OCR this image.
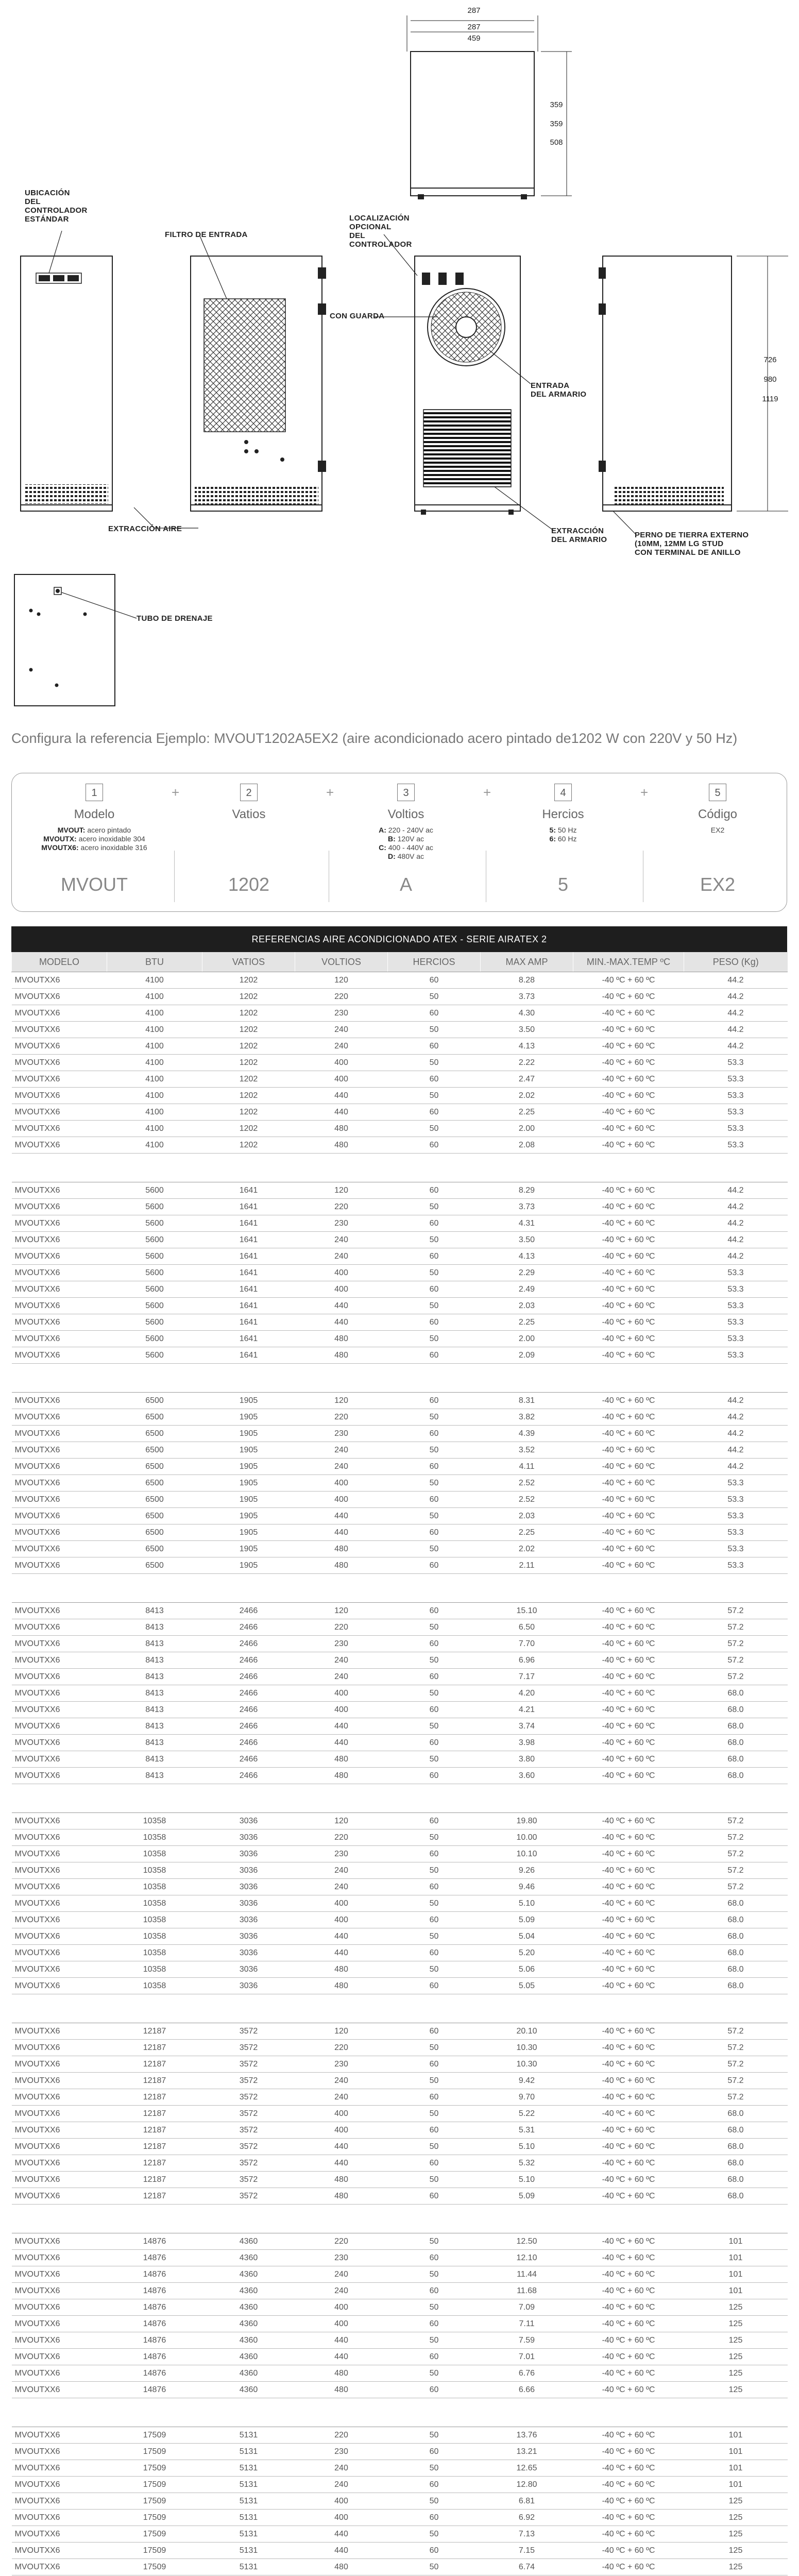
UBICACIÓN
DEL
CONTROLADOR
ESTÁNDAR
FILTRO DE ENTRADA
LOCALIZACIÓN
OPCIONAL
DEL
CONTROLADOR
CON GUARDA
ENTRADA
DEL ARMARIO
EXTRACCIÓN AIRE	EXTRACCIÓN
DEL ARMARIO
PERNO DE TIERRA EXTERNO
(10MM, 12MM LG STUD
CON TERMINAL DE ANILLO
TUBO DE DRENAJE
287
287
459
359
359
508
726
980
1119
Configura la referencia Ejemplo: MVOUT1202A5EX2 (aire acondicionado acero pintado de1202 W con 220V y 50 Hz)
1
Modelo
MVOUT: acero pintado
MVOUTX: acero inoxidable 304
MVOUTX6: acero inoxidable 316
MVOUT
+	2
Vatios
1202
+	3
Voltios
A: 220 - 240V ac
B: 120V ac
C: 400 - 440V ac
D: 480V ac
A
+	4
Hercios
5: 50 Hz
6: 60 Hz
5
+	5
Código
EX2
EX2
REFERENCIAS AIRE ACONDICIONADO ATEX - SERIE AIRATEX 2
MODELO	BTU	VATIOS	VOLTIOS	HERCIOS	MAX AMP	MIN.-MAX.TEMP ºC	PESO (Kg)
MVOUTXX6	4100	1202	120	60	8.28	-40 ºC + 60 ºC	44.2
MVOUTXX6	4100	1202	220	50	3.73	-40 ºC + 60 ºC	44.2
MVOUTXX6	4100	1202	230	60	4.30	-40 ºC + 60 ºC	44.2
MVOUTXX6	4100	1202	240	50	3.50	-40 ºC + 60 ºC	44.2
MVOUTXX6	4100	1202	240	60	4.13	-40 ºC + 60 ºC	44.2
MVOUTXX6	4100	1202	400	50	2.22	-40 ºC + 60 ºC	53.3
MVOUTXX6	4100	1202	400	60	2.47	-40 ºC + 60 ºC	53.3
MVOUTXX6	4100	1202	440	50	2.02	-40 ºC + 60 ºC	53.3
MVOUTXX6	4100	1202	440	60	2.25	-40 ºC + 60 ºC	53.3
MVOUTXX6	4100	1202	480	50	2.00	-40 ºC + 60 ºC	53.3
MVOUTXX6	4100	1202	480	60	2.08	-40 ºC + 60 ºC	53.3

MVOUTXX6	5600	1641	120	60	8.29	-40 ºC + 60 ºC	44.2
MVOUTXX6	5600	1641	220	50	3.73	-40 ºC + 60 ºC	44.2
MVOUTXX6	5600	1641	230	60	4.31	-40 ºC + 60 ºC	44.2
MVOUTXX6	5600	1641	240	50	3.50	-40 ºC + 60 ºC	44.2
MVOUTXX6	5600	1641	240	60	4.13	-40 ºC + 60 ºC	44.2
MVOUTXX6	5600	1641	400	50	2.29	-40 ºC + 60 ºC	53.3
MVOUTXX6	5600	1641	400	60	2.49	-40 ºC + 60 ºC	53.3
MVOUTXX6	5600	1641	440	50	2.03	-40 ºC + 60 ºC	53.3
MVOUTXX6	5600	1641	440	60	2.25	-40 ºC + 60 ºC	53.3
MVOUTXX6	5600	1641	480	50	2.00	-40 ºC + 60 ºC	53.3
MVOUTXX6	5600	1641	480	60	2.09	-40 ºC + 60 ºC	53.3

MVOUTXX6	6500	1905	120	60	8.31	-40 ºC + 60 ºC	44.2
MVOUTXX6	6500	1905	220	50	3.82	-40 ºC + 60 ºC	44.2
MVOUTXX6	6500	1905	230	60	4.39	-40 ºC + 60 ºC	44.2
MVOUTXX6	6500	1905	240	50	3.52	-40 ºC + 60 ºC	44.2
MVOUTXX6	6500	1905	240	60	4.11	-40 ºC + 60 ºC	44.2
MVOUTXX6	6500	1905	400	50	2.52	-40 ºC + 60 ºC	53.3
MVOUTXX6	6500	1905	400	60	2.52	-40 ºC + 60 ºC	53.3
MVOUTXX6	6500	1905	440	50	2.03	-40 ºC + 60 ºC	53.3
MVOUTXX6	6500	1905	440	60	2.25	-40 ºC + 60 ºC	53.3
MVOUTXX6	6500	1905	480	50	2.02	-40 ºC + 60 ºC	53.3
MVOUTXX6	6500	1905	480	60	2.11	-40 ºC + 60 ºC	53.3

MVOUTXX6	8413	2466	120	60	15.10	-40 ºC + 60 ºC	57.2
MVOUTXX6	8413	2466	220	50	6.50	-40 ºC + 60 ºC	57.2
MVOUTXX6	8413	2466	230	60	7.70	-40 ºC + 60 ºC	57.2
MVOUTXX6	8413	2466	240	50	6.96	-40 ºC + 60 ºC	57.2
MVOUTXX6	8413	2466	240	60	7.17	-40 ºC + 60 ºC	57.2
MVOUTXX6	8413	2466	400	50	4.20	-40 ºC + 60 ºC	68.0
MVOUTXX6	8413	2466	400	60	4.21	-40 ºC + 60 ºC	68.0
MVOUTXX6	8413	2466	440	50	3.74	-40 ºC + 60 ºC	68.0
MVOUTXX6	8413	2466	440	60	3.98	-40 ºC + 60 ºC	68.0
MVOUTXX6	8413	2466	480	50	3.80	-40 ºC + 60 ºC	68.0
MVOUTXX6	8413	2466	480	60	3.60	-40 ºC + 60 ºC	68.0

MVOUTXX6	10358	3036	120	60	19.80	-40 ºC + 60 ºC	57.2
MVOUTXX6	10358	3036	220	50	10.00	-40 ºC + 60 ºC	57.2
MVOUTXX6	10358	3036	230	60	10.10	-40 ºC + 60 ºC	57.2
MVOUTXX6	10358	3036	240	50	9.26	-40 ºC + 60 ºC	57.2
MVOUTXX6	10358	3036	240	60	9.46	-40 ºC + 60 ºC	57.2
MVOUTXX6	10358	3036	400	50	5.10	-40 ºC + 60 ºC	68.0
MVOUTXX6	10358	3036	400	60	5.09	-40 ºC + 60 ºC	68.0
MVOUTXX6	10358	3036	440	50	5.04	-40 ºC + 60 ºC	68.0
MVOUTXX6	10358	3036	440	60	5.20	-40 ºC + 60 ºC	68.0
MVOUTXX6	10358	3036	480	50	5.06	-40 ºC + 60 ºC	68.0
MVOUTXX6	10358	3036	480	60	5.05	-40 ºC + 60 ºC	68.0

MVOUTXX6	12187	3572	120	60	20.10	-40 ºC + 60 ºC	57.2
MVOUTXX6	12187	3572	220	50	10.30	-40 ºC + 60 ºC	57.2
MVOUTXX6	12187	3572	230	60	10.30	-40 ºC + 60 ºC	57.2
MVOUTXX6	12187	3572	240	50	9.42	-40 ºC + 60 ºC	57.2
MVOUTXX6	12187	3572	240	60	9.70	-40 ºC + 60 ºC	57.2
MVOUTXX6	12187	3572	400	50	5.22	-40 ºC + 60 ºC	68.0
MVOUTXX6	12187	3572	400	60	5.31	-40 ºC + 60 ºC	68.0
MVOUTXX6	12187	3572	440	50	5.10	-40 ºC + 60 ºC	68.0
MVOUTXX6	12187	3572	440	60	5.32	-40 ºC + 60 ºC	68.0
MVOUTXX6	12187	3572	480	50	5.10	-40 ºC + 60 ºC	68.0
MVOUTXX6	12187	3572	480	60	5.09	-40 ºC + 60 ºC	68.0

MVOUTXX6	14876	4360	220	50	12.50	-40 ºC + 60 ºC	101
MVOUTXX6	14876	4360	230	60	12.10	-40 ºC + 60 ºC	101
MVOUTXX6	14876	4360	240	50	11.44	-40 ºC + 60 ºC	101
MVOUTXX6	14876	4360	240	60	11.68	-40 ºC + 60 ºC	101
MVOUTXX6	14876	4360	400	50	7.09	-40 ºC + 60 ºC	125
MVOUTXX6	14876	4360	400	60	7.11	-40 ºC + 60 ºC	125
MVOUTXX6	14876	4360	440	50	7.59	-40 ºC + 60 ºC	125
MVOUTXX6	14876	4360	440	60	7.01	-40 ºC + 60 ºC	125
MVOUTXX6	14876	4360	480	50	6.76	-40 ºC + 60 ºC	125
MVOUTXX6	14876	4360	480	60	6.66	-40 ºC + 60 ºC	125

MVOUTXX6	17509	5131	220	50	13.76	-40 ºC + 60 ºC	101
MVOUTXX6	17509	5131	230	60	13.21	-40 ºC + 60 ºC	101
MVOUTXX6	17509	5131	240	50	12.65	-40 ºC + 60 ºC	101
MVOUTXX6	17509	5131	240	60	12.80	-40 ºC + 60 ºC	101
MVOUTXX6	17509	5131	400	50	6.81	-40 ºC + 60 ºC	125
MVOUTXX6	17509	5131	400	60	6.92	-40 ºC + 60 ºC	125
MVOUTXX6	17509	5131	440	50	7.13	-40 ºC + 60 ºC	125
MVOUTXX6	17509	5131	440	60	7.15	-40 ºC + 60 ºC	125
MVOUTXX6	17509	5131	480	50	6.74	-40 ºC + 60 ºC	125
